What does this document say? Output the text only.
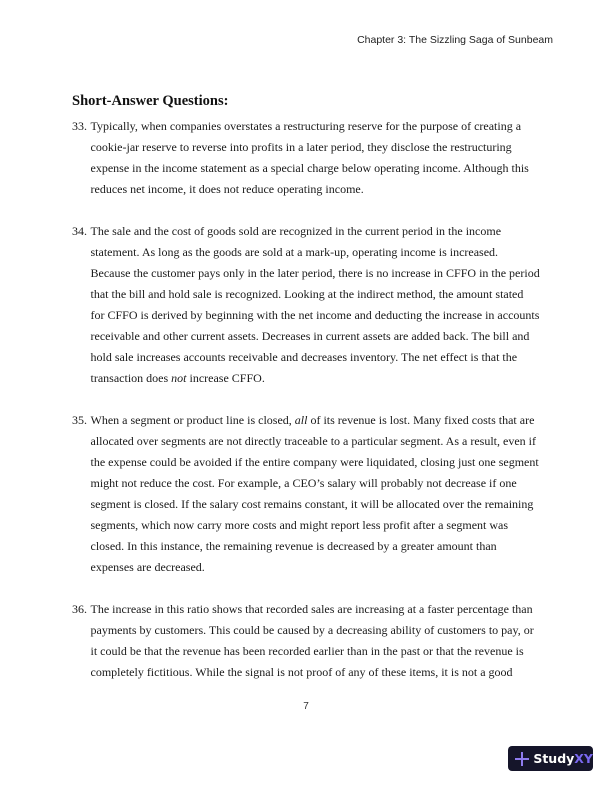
Chapter 3: The Sizzling Saga of Sunbeam
Short-Answer Questions:
33. Typically, when companies overstates a restructuring reserve for the purpose of creating a
cookie-jar reserve to reverse into profits in a later period, they disclose the restructuring
expense in the income statement as a special charge below operating income. Although this
reduces net income, it does not reduce operating income.
34. The sale and the cost of goods sold are recognized in the current period in the income
statement. As long as the goods are sold at a mark-up, operating income is increased.
Because the customer pays only in the later period, there is no increase in CFFO in the period
that the bill and hold sale is recognized. Looking at the indirect method, the amount stated
for CFFO is derived by beginning with the net income and deducting the increase in accounts
receivable and other current assets. Decreases in current assets are added back. The bill and
hold sale increases accounts receivable and decreases inventory. The net effect is that the
transaction does not increase CFFO.
35. When a segment or product line is closed, all of its revenue is lost. Many fixed costs that are
allocated over segments are not directly traceable to a particular segment. As a result, even if
the expense could be avoided if the entire company were liquidated, closing just one segment
might not reduce the cost. For example, a CEO’s salary will probably not decrease if one
segment is closed. If the salary cost remains constant, it will be allocated over the remaining
segments, which now carry more costs and might report less profit after a segment was
closed. In this instance, the remaining revenue is decreased by a greater amount than
expenses are decreased.
36. The increase in this ratio shows that recorded sales are increasing at a faster percentage than
payments by customers. This could be caused by a decreasing ability of customers to pay, or
it could be that the revenue has been recorded earlier than in the past or that the revenue is
completely fictitious. While the signal is not proof of any of these items, it is not a good
7
Study XY
